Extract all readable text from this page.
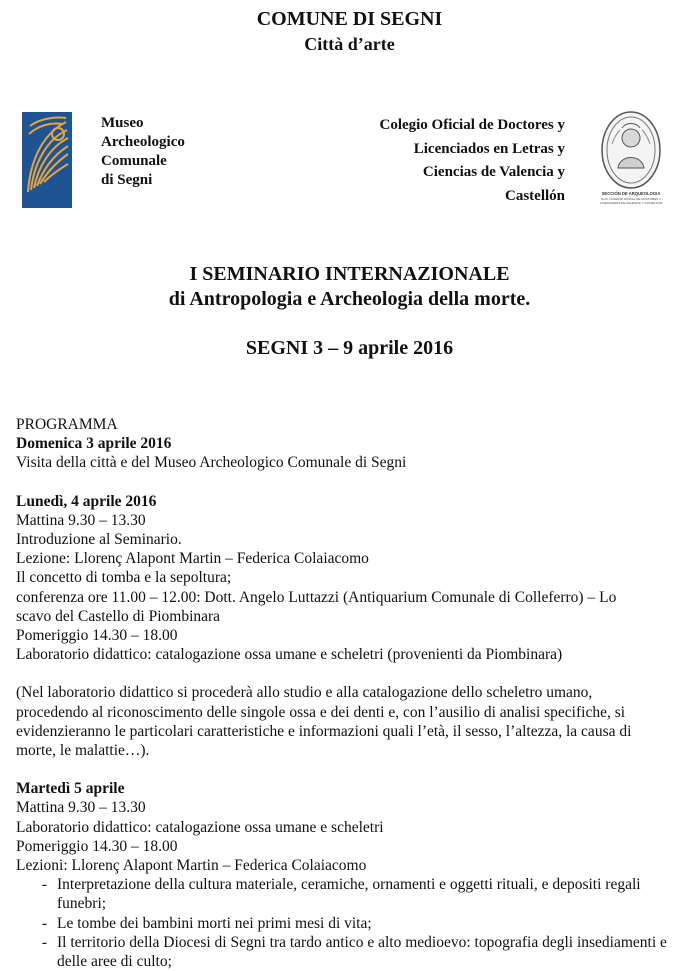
COMUNE DI SEGNI
Città d’arte
Museo
Archeologico
Comunale
di Segni
Colegio Oficial de Doctores y
Licenciados en Letras y
Ciencias de Valencia y
Castellón	SECCIÓN DE ARQUEOLOGIA
ILUS. COLEGIO OFICIAL DE DOCTORES Y
LICENCIADOS DE VALENCIA Y CASTELLÓN
I SEMINARIO INTERNAZIONALE
di Antropologia e Archeologia della morte.
SEGNI 3 – 9 aprile 2016
PROGRAMMA
Domenica 3 aprile 2016
Visita della città e del Museo Archeologico Comunale di Segni
Lunedì, 4 aprile 2016
Mattina 9.30 – 13.30
Introduzione al Seminario.
Lezione: Llorenç Alapont Martin – Federica Colaiacomo
Il concetto di tomba e la sepoltura;
conferenza ore 11.00 – 12.00: Dott. Angelo Luttazzi (Antiquarium Comunale di Colleferro) – Lo
scavo del Castello di Piombinara
Pomeriggio 14.30 – 18.00
Laboratorio didattico: catalogazione ossa umane e scheletri (provenienti da Piombinara)
(Nel laboratorio didattico si procederà allo studio e alla catalogazione dello scheletro umano,
procedendo al riconoscimento delle singole ossa e dei denti e, con l’ausilio di analisi specifiche, si
evidenzieranno le particolari caratteristiche e informazioni quali l’età, il sesso, l’altezza, la causa di
morte, le malattie…).
Martedì 5 aprile
Mattina 9.30 – 13.30
Laboratorio didattico: catalogazione ossa umane e scheletri
Pomeriggio 14.30 – 18.00
Lezioni: Llorenç Alapont Martin – Federica Colaiacomo
- Interpretazione della cultura materiale, ceramiche, ornamenti e oggetti rituali, e depositi regali funebri;
- Le tombe dei bambini morti nei primi mesi di vita;
- Il territorio della Diocesi di Segni tra tardo antico e alto medioevo: topografia degli insediamenti e delle aree di culto;
